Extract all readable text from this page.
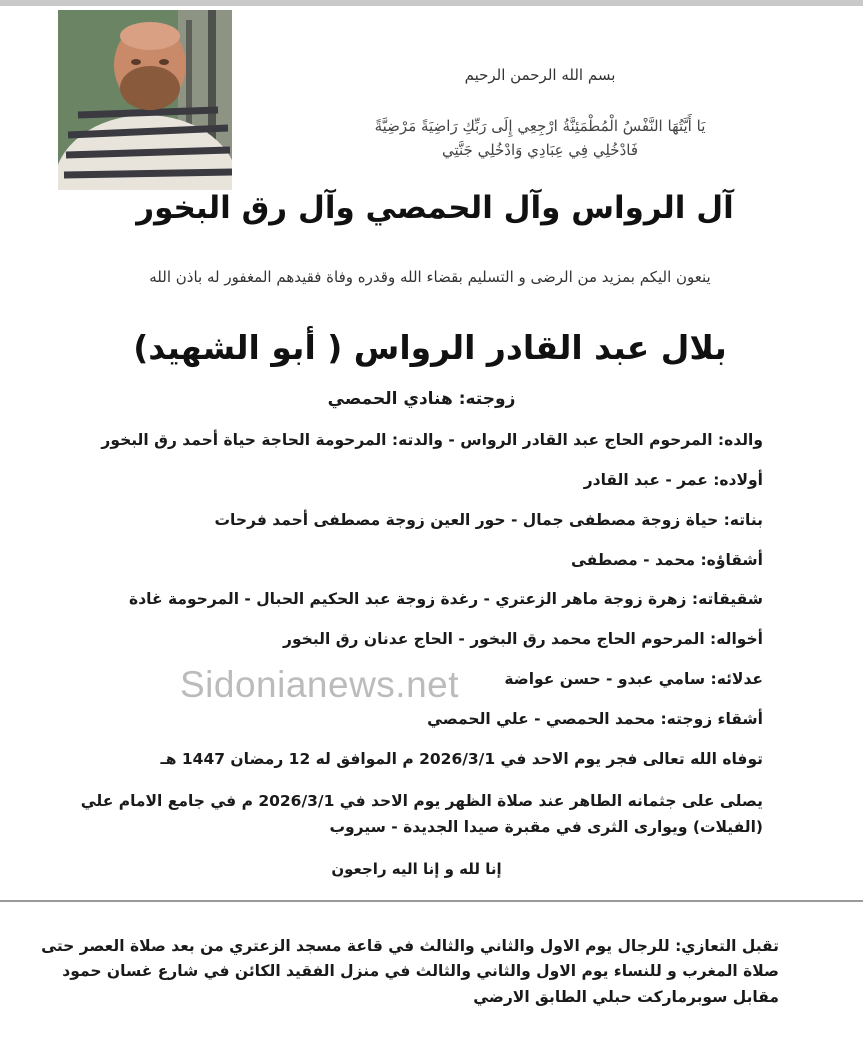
بسم الله الرحمن الرحيم
يَا أَيَّتُهَا النَّفْسُ الْمُطْمَئِنَّةُ ارْجِعِي إِلَى رَبِّكِ رَاضِيَةً مَرْضِيَّةً
فَادْخُلِي فِي عِبَادِي وَادْخُلِي جَنَّتِي
آل الرواس وآل الحمصي وآل رق البخور
ينعون اليكم بمزيد من الرضى و التسليم بقضاء الله وقدره وفاة فقيدهم المغفور له باذن الله
بلال عبد القادر الرواس ( أبو الشهيد)
زوجته: هنادي الحمصي
والده: المرحوم الحاج عبد القادر الرواس - والدته: المرحومة الحاجة حياة أحمد رق البخور
أولاده: عمر - عبد القادر
بناته: حياة زوجة مصطفى جمال - حور العين زوجة مصطفى أحمد فرحات
أشقاؤه: محمد - مصطفى
شقيقاته: زهرة زوجة ماهر الزعتري - رغدة زوجة عبد الحكيم الحبال - المرحومة غادة
أخواله: المرحوم الحاج محمد رق البخور - الحاج عدنان رق البخور
عدلائه: سامي عبدو - حسن عواضة
أشقاء زوجته: محمد الحمصي - علي الحمصي
توفاه الله تعالى فجر يوم الاحد في 2026/3/1 م الموافق له 12 رمضان 1447 هـ
يصلى على جثمانه الطاهر عند صلاة الظهر يوم الاحد في 2026/3/1 م في جامع الامام علي
(الفيلات) ويوارى الثرى في مقبرة صيدا الجديدة - سيروب
Sidonianews.net
إنا لله و إنا اليه راجعون
تقبل التعازي: للرجال يوم الاول والثاني والثالث في قاعة مسجد الزعتري من بعد صلاة العصر حتى
صلاة المغرب و للنساء يوم الاول والثاني والثالث في منزل الفقيد الكائن في شارع غسان حمود
مقابل سوبرماركت حبلي الطابق الارضي
